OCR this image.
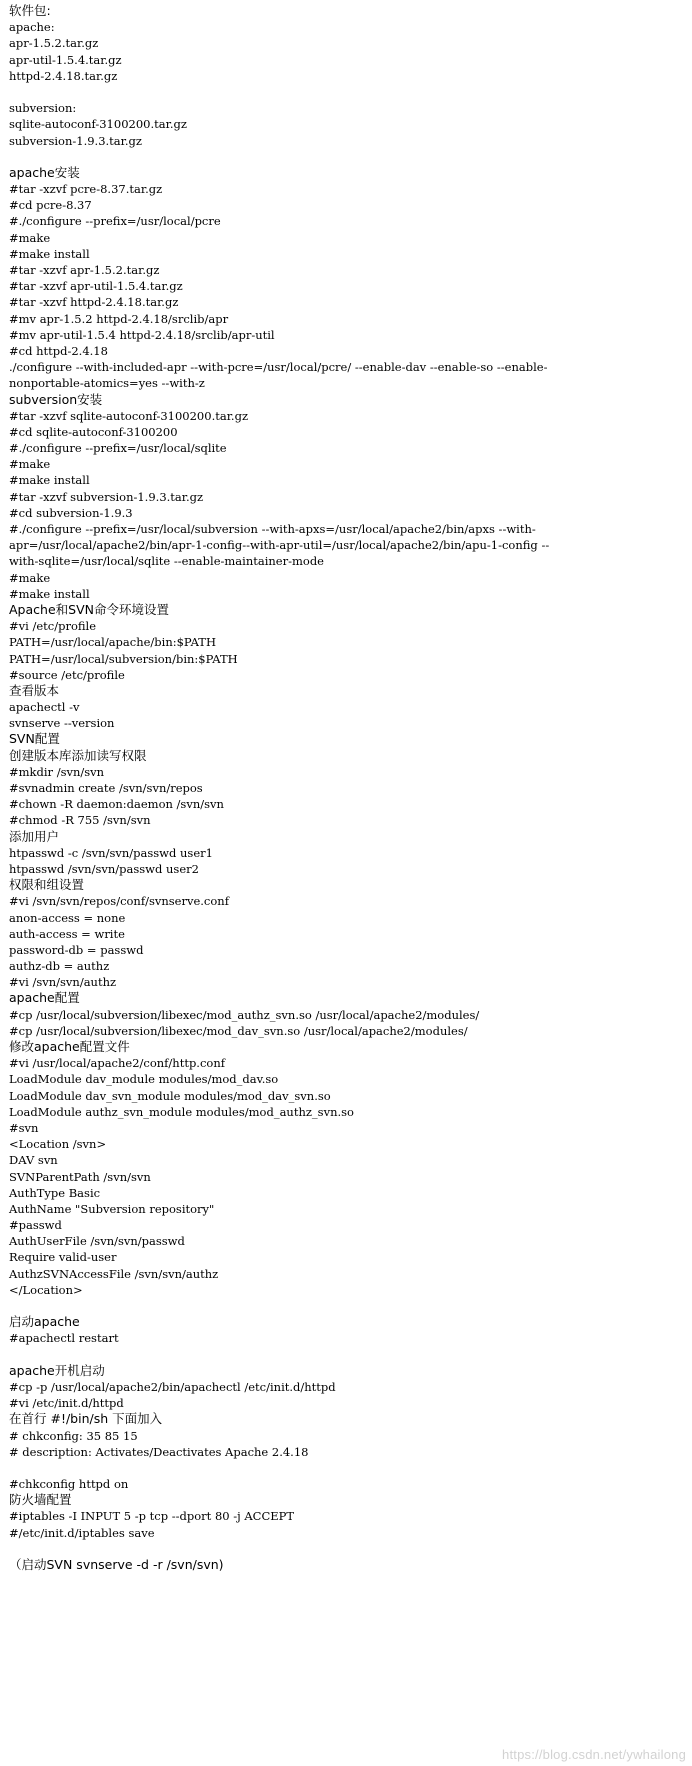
软件包:
apache:
apr-1.5.2.tar.gz
apr-util-1.5.4.tar.gz
httpd-2.4.18.tar.gz
subversion:
sqlite-autoconf-3100200.tar.gz
subversion-1.9.3.tar.gz
apache安装
#tar -xzvf pcre-8.37.tar.gz
#cd pcre-8.37
#./configure --prefix=/usr/local/pcre
#make
#make install
#tar -xzvf apr-1.5.2.tar.gz
#tar -xzvf apr-util-1.5.4.tar.gz
#tar -xzvf httpd-2.4.18.tar.gz
#mv apr-1.5.2 httpd-2.4.18/srclib/apr
#mv apr-util-1.5.4 httpd-2.4.18/srclib/apr-util
#cd httpd-2.4.18
./configure --with-included-apr --with-pcre=/usr/local/pcre/ --enable-dav --enable-so --enable-
nonportable-atomics=yes --with-z
subversion安装
#tar -xzvf sqlite-autoconf-3100200.tar.gz
#cd sqlite-autoconf-3100200
#./configure --prefix=/usr/local/sqlite
#make
#make install
#tar -xzvf subversion-1.9.3.tar.gz
#cd subversion-1.9.3
#./configure --prefix=/usr/local/subversion --with-apxs=/usr/local/apache2/bin/apxs --with-
apr=/usr/local/apache2/bin/apr-1-config--with-apr-util=/usr/local/apache2/bin/apu-1-config --
with-sqlite=/usr/local/sqlite --enable-maintainer-mode
#make
#make install
Apache和SVN命令环境设置
#vi /etc/profile
PATH=/usr/local/apache/bin:$PATH
PATH=/usr/local/subversion/bin:$PATH
#source /etc/profile
查看版本
apachectl -v
svnserve --version
SVN配置
创建版本库添加读写权限
#mkdir /svn/svn
#svnadmin create /svn/svn/repos
#chown -R daemon:daemon /svn/svn
#chmod -R 755 /svn/svn
添加用户
htpasswd -c /svn/svn/passwd user1
htpasswd /svn/svn/passwd user2
权限和组设置
#vi /svn/svn/repos/conf/svnserve.conf
anon-access = none
auth-access = write
password-db = passwd
authz-db = authz
#vi /svn/svn/authz
apache配置
#cp /usr/local/subversion/libexec/mod_authz_svn.so /usr/local/apache2/modules/
#cp /usr/local/subversion/libexec/mod_dav_svn.so /usr/local/apache2/modules/
修改apache配置文件
#vi /usr/local/apache2/conf/http.conf
LoadModule dav_module modules/mod_dav.so
LoadModule dav_svn_module modules/mod_dav_svn.so
LoadModule authz_svn_module modules/mod_authz_svn.so
#svn
<Location /svn>
DAV svn
SVNParentPath /svn/svn
AuthType Basic
AuthName "Subversion repository"
#passwd
AuthUserFile /svn/svn/passwd
Require valid-user
AuthzSVNAccessFile /svn/svn/authz
</Location>
启动apache
#apachectl restart
apache开机启动
#cp -p /usr/local/apache2/bin/apachectl /etc/init.d/httpd
#vi /etc/init.d/httpd
在首行 #!/bin/sh 下面加入
# chkconfig: 35 85 15
# description: Activates/Deactivates Apache 2.4.18
#chkconfig httpd on
防火墙配置
#iptables -I INPUT 5 -p tcp --dport 80 -j ACCEPT
#/etc/init.d/iptables save
（启动SVN svnserve -d -r /svn/svn)
https://blog.csdn.net/ywhailong
